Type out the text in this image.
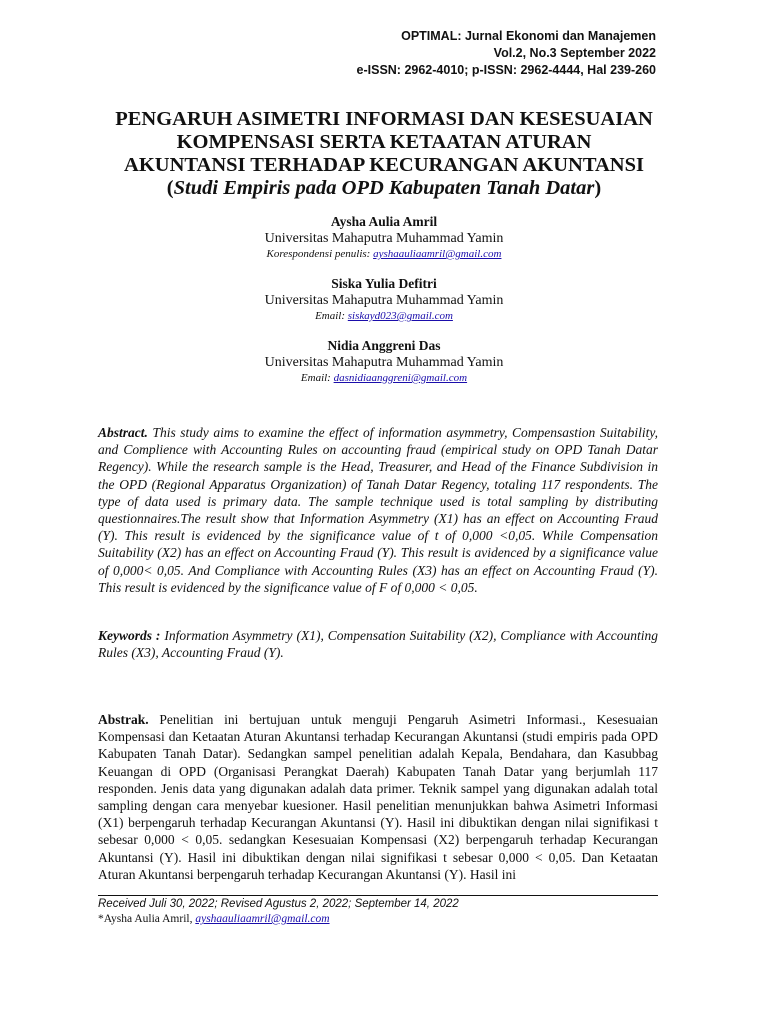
OPTIMAL: Jurnal Ekonomi dan Manajemen
Vol.2, No.3 September 2022
e-ISSN: 2962-4010; p-ISSN: 2962-4444, Hal 239-260
PENGARUH ASIMETRI INFORMASI DAN KESESUAIAN
KOMPENSASI SERTA KETAATAN ATURAN
AKUNTANSI TERHADAP KECURANGAN AKUNTANSI
(Studi Empiris pada OPD Kabupaten Tanah Datar)
Aysha Aulia Amril
Universitas Mahaputra Muhammad Yamin
Korespondensi penulis: ayshaauliaamril@gmail.com
Siska Yulia Defitri
Universitas Mahaputra Muhammad Yamin
Email: siskayd023@gmail.com
Nidia Anggreni Das
Universitas Mahaputra Muhammad Yamin
Email: dasnidiaanggreni@gmail.com
Abstract. This study aims to examine the effect of information asymmetry, Compensastion Suitability, and Complience with Accounting Rules on accounting fraud (empirical study on OPD Tanah Datar Regency). While the research sample is the Head, Treasurer, and Head of the Finance Subdivision in the OPD (Regional Apparatus Organization) of Tanah Datar Regency, totaling 117 respondents. The type of data used is primary data. The sample technique used is total sampling by distributing questionnaires.The result show that Information Asymmetry (X1) has an effect on Accounting Fraud (Y). This result is evidenced by the significance value of t of 0,000 <0,05. While Compensation Suitability (X2) has an effect on Accounting Fraud (Y). This result is avidenced by a significance value of 0,000< 0,05. And Compliance with Accounting Rules (X3) has an effect on Accounting Fraud (Y). This result is evidenced by the significance value of F of 0,000 < 0,05.
Keywords : Information Asymmetry (X1), Compensation Suitability (X2), Compliance with Accounting Rules (X3), Accounting Fraud (Y).
Abstrak. Penelitian ini bertujuan untuk menguji Pengaruh Asimetri Informasi., Kesesuaian Kompensasi dan Ketaatan Aturan Akuntansi terhadap Kecurangan Akuntansi (studi empiris pada OPD Kabupaten Tanah Datar). Sedangkan sampel penelitian adalah Kepala, Bendahara, dan Kasubbag Keuangan di OPD (Organisasi Perangkat Daerah) Kabupaten Tanah Datar yang berjumlah 117 responden. Jenis data yang digunakan adalah data primer. Teknik sampel yang digunakan adalah total sampling dengan cara menyebar kuesioner. Hasil penelitian menunjukkan bahwa Asimetri Informasi (X1) berpengaruh terhadap Kecurangan Akuntansi (Y). Hasil ini dibuktikan dengan nilai signifikasi t sebesar 0,000 < 0,05. sedangkan Kesesuaian Kompensasi (X2) berpengaruh terhadap Kecurangan Akuntansi (Y). Hasil ini dibuktikan dengan nilai signifikasi t sebesar 0,000 < 0,05. Dan Ketaatan Aturan Akuntansi berpengaruh terhadap Kecurangan Akuntansi (Y). Hasil ini
Received Juli 30, 2022; Revised Agustus 2, 2022; September 14, 2022
*Aysha Aulia Amril, ayshaauliaamril@gmail.com
